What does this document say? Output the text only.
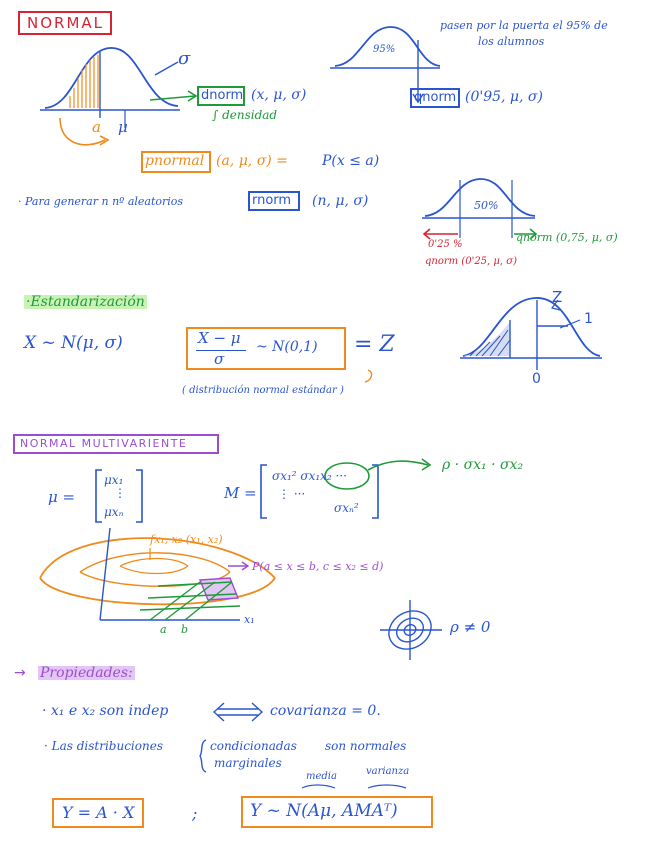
NORMAL
σ
a μ
dnorm (x, μ, σ)
∫ densidad
pnormal (a, μ, σ) = P(x ≤ a)
95%
pasen por la puerta el 95% de
los alumnos
qnorm (0'95, μ, σ)
· Para generar n nº aleatorios	rnorm (n, μ, σ)	50%
0'25 %
qnorm (0,75, μ, σ)
qnorm (0'25, μ, σ)
·Estandarización
X ~ N(μ, σ)	X − μ
σ
~ N(0,1) = Z
( distribución normal estándar )
Z
1
0
NORMAL MULTIVARIENTE
μ =
μx₁
⋮
μxₙ
M =
σx₁² σx₁x₂ ···
⋮ ···
σxₙ²
ρ · σx₁ · σx₂
fx₁, x₂ (x₁, x₂)
P(a ≤ x ≤ b, c ≤ x₂ ≤ d)
x₁
a b	ρ ≠ 0
→ Propiedades:
· x₁ e x₂ son indep	covarianza = 0.
· Las distribuciones	condicionadas son normales
marginales
media	varianza
Y = A · X	;	Y ~ N(Aμ, AMAᵀ)
